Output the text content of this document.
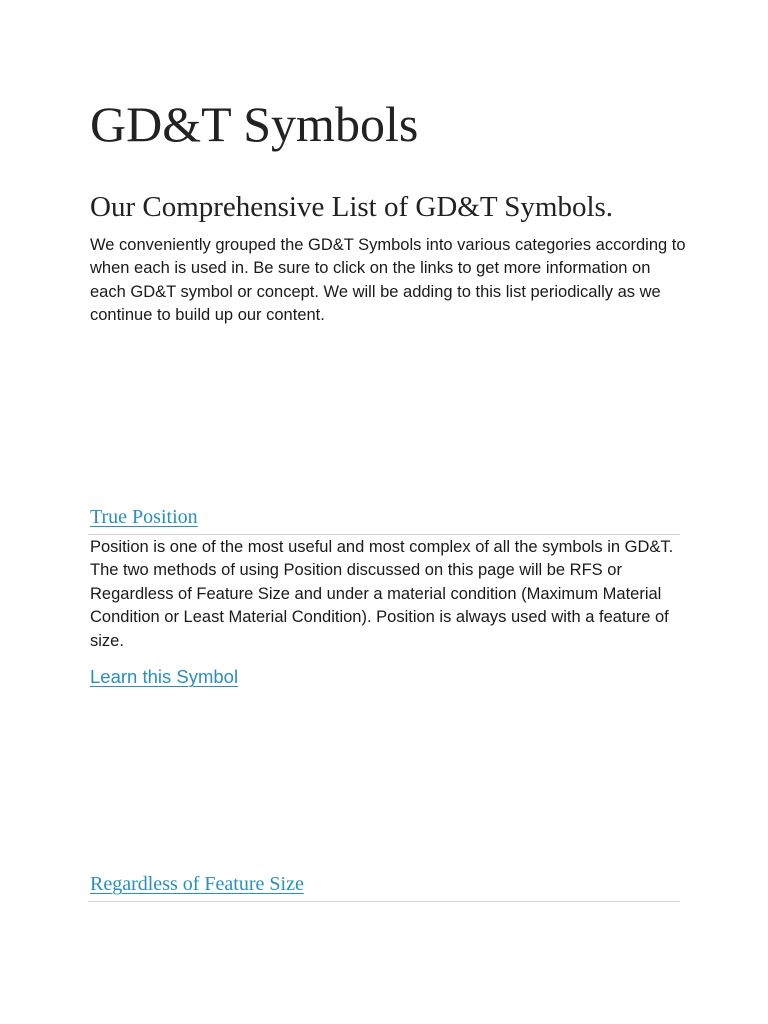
GD&T Symbols
Our Comprehensive List of GD&T Symbols.

We conveniently grouped the GD&T Symbols into various categories according to when each is used in. Be sure to click on the links to get more information on each GD&T symbol or concept. We will be adding to this list periodically as we continue to build up our content.

True Position

Position is one of the most useful and most complex of all the symbols in GD&T. The two methods of using Position discussed on this page will be RFS or Regardless of Feature Size and under a material condition (Maximum Material Condition or Least Material Condition). Position is always used with a feature of size.

Learn this Symbol
Regardless of Feature Size
